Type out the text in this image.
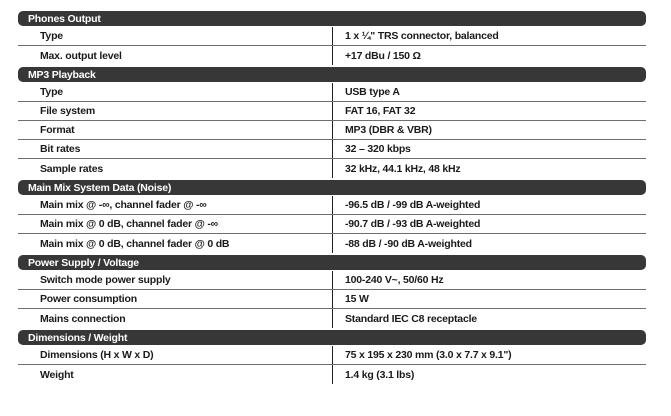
Phones Output
Type	1 x ¼" TRS connector, balanced
Max. output level	+17 dBu / 150 Ω
MP3 Playback
Type	USB type A
File system	FAT 16, FAT 32
Format	MP3 (DBR & VBR)
Bit rates	32 – 320 kbps
Sample rates	32 kHz, 44.1 kHz, 48 kHz
Main Mix System Data (Noise)
Main mix @ -∞, channel fader @ -∞	-96.5 dB / -99 dB A-weighted
Main mix @ 0 dB, channel fader @ -∞	-90.7 dB / -93 dB A-weighted
Main mix @ 0 dB, channel fader @ 0 dB	-88 dB / -90 dB A-weighted
Power Supply / Voltage
Switch mode power supply	100-240 V~, 50/60 Hz
Power consumption	15 W
Mains connection	Standard IEC C8 receptacle
Dimensions / Weight
Dimensions (H x W x D)	75 x 195 x 230 mm (3.0 x 7.7 x 9.1")
Weight	1.4 kg (3.1 lbs)
